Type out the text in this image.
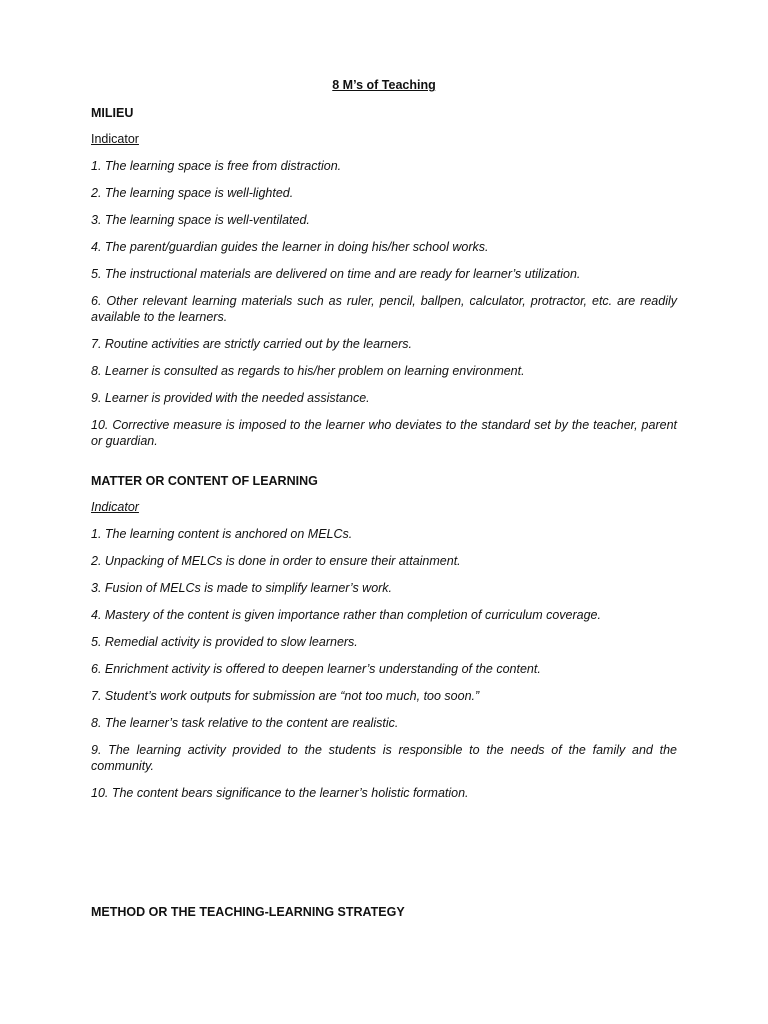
8 M’s of Teaching
MILIEU
Indicator
1. The learning space is free from distraction.
2. The learning space is well-lighted.
3. The learning space is well-ventilated.
4. The parent/guardian guides the learner in doing his/her school works.
5. The instructional materials are delivered on time and are ready for learner’s utilization.
6. Other relevant learning materials such as ruler, pencil, ballpen, calculator, protractor, etc. are readily available to the learners.
7. Routine activities are strictly carried out by the learners.
8. Learner is consulted as regards to his/her problem on learning environment.
9. Learner is provided with the needed assistance.
10. Corrective measure is imposed to the learner who deviates to the standard set by the teacher, parent or guardian.
MATTER OR CONTENT OF LEARNING
Indicator
1. The learning content is anchored on MELCs.
2. Unpacking of MELCs is done in order to ensure their attainment.
3. Fusion of MELCs is made to simplify learner’s work.
4. Mastery of the content is given importance rather than completion of curriculum coverage.
5. Remedial activity is provided to slow learners.
6. Enrichment activity is offered to deepen learner’s understanding of the content.
7. Student’s work outputs for submission are “not too much, too soon.”
8. The learner’s task relative to the content are realistic.
9. The learning activity provided to the students is responsible to the needs of the family and the community.
10. The content bears significance to the learner’s holistic formation.
METHOD OR THE TEACHING-LEARNING STRATEGY
